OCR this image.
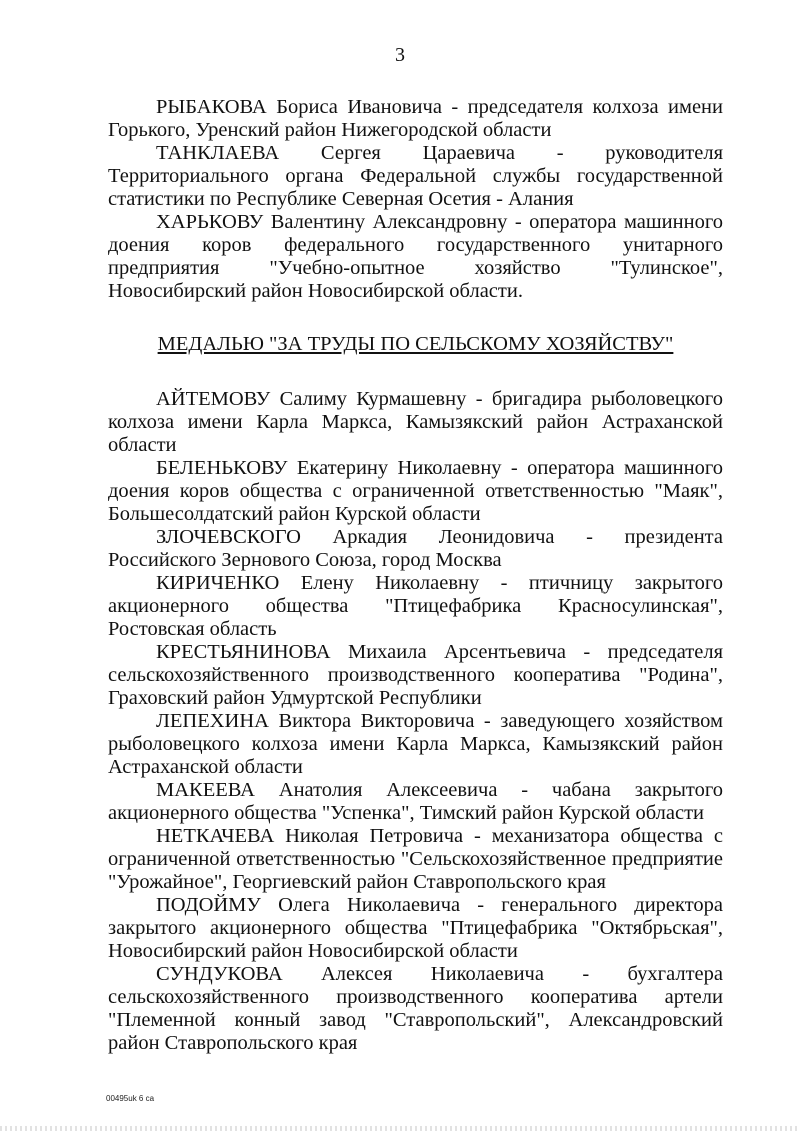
3

РЫБАКОВА Бориса Ивановича - председателя колхоза имени Горького, Уренский район Нижегородской области

ТАНКЛАЕВА Сергея Цараевича - руководителя Территориального органа Федеральной службы государственной статистики по Республике Северная Осетия - Алания

ХАРЬКОВУ Валентину Александровну - оператора машинного доения коров федерального государственного унитарного предприятия "Учебно-опытное хозяйство "Тулинское", Новосибирский район Новосибирской области.

МЕДАЛЬЮ "ЗА ТРУДЫ ПО СЕЛЬСКОМУ ХОЗЯЙСТВУ"

АЙТЕМОВУ Салиму Курмашевну - бригадира рыболовецкого колхоза имени Карла Маркса, Камызякский район Астраханской области

БЕЛЕНЬКОВУ Екатерину Николаевну - оператора машинного доения коров общества с ограниченной ответственностью "Маяк", Большесолдатский район Курской области

ЗЛОЧЕВСКОГО Аркадия Леонидовича - президента Российского Зернового Союза, город Москва

КИРИЧЕНКО Елену Николаевну - птичницу закрытого акционерного общества "Птицефабрика Красносулинская", Ростовская область

КРЕСТЬЯНИНОВА Михаила Арсентьевича - председателя сельскохозяйственного производственного кооператива "Родина", Граховский район Удмуртской Республики

ЛЕПЕХИНА Виктора Викторовича - заведующего хозяйством рыболовецкого колхоза имени Карла Маркса, Камызякский район Астраханской области

МАКЕЕВА Анатолия Алексеевича - чабана закрытого акционерного общества "Успенка", Тимский район Курской области

НЕТКАЧЕВА Николая Петровича - механизатора общества с ограниченной ответственностью "Сельскохозяйственное предприятие "Урожайное", Георгиевский район Ставропольского края

ПОДОЙМУ Олега Николаевича - генерального директора закрытого акционерного общества "Птицефабрика "Октябрьская", Новосибирский район Новосибирской области

СУНДУКОВА Алексея Николаевича - бухгалтера сельскохозяйственного производственного кооператива артели "Племенной конный завод "Ставропольский", Александровский район Ставропольского края

00495uk 6 ca
